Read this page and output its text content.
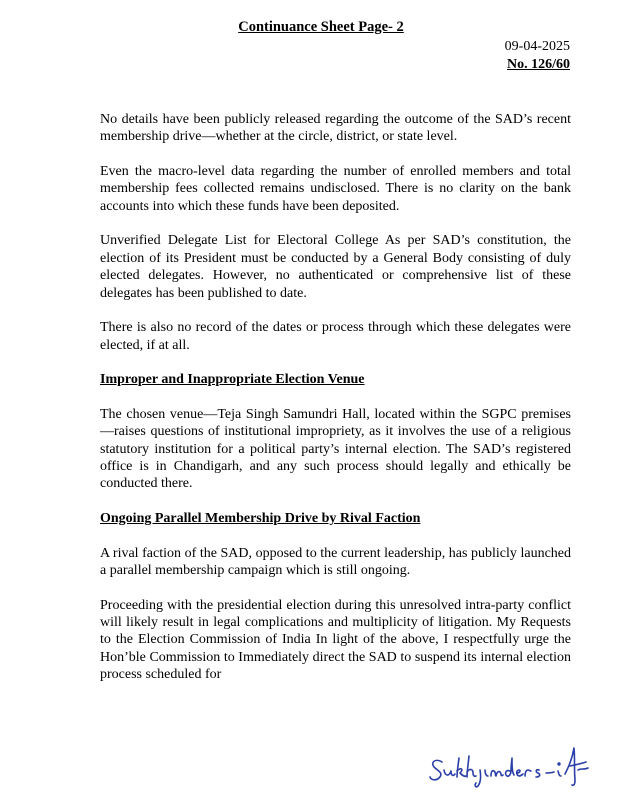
Continuance Sheet Page- 2
09-04-2025
No. 126/60

No details have been publicly released regarding the outcome of the SAD’s recent membership drive—whether at the circle, district, or state level.

Even the macro-level data regarding the number of enrolled members and total membership fees collected remains undisclosed. There is no clarity on the bank accounts into which these funds have been deposited.

Unverified Delegate List for Electoral College As per SAD’s constitution, the election of its President must be conducted by a General Body consisting of duly elected delegates. However, no authenticated or comprehensive list of these delegates has been published to date.

There is also no record of the dates or process through which these delegates were elected, if at all.

Improper and Inappropriate Election Venue

The chosen venue—Teja Singh Samundri Hall, located within the SGPC premises—raises questions of institutional impropriety, as it involves the use of a religious statutory institution for a political party’s internal election. The SAD’s registered office is in Chandigarh, and any such process should legally and ethically be conducted there.

Ongoing Parallel Membership Drive by Rival Faction

A rival faction of the SAD, opposed to the current leadership, has publicly launched a parallel membership campaign which is still ongoing.

Proceeding with the presidential election during this unresolved intra-party conflict will likely result in legal complications and multiplicity of litigation. My Requests to the Election Commission of India In light of the above, I respectfully urge the Hon’ble Commission to Immediately direct the SAD to suspend its internal election process scheduled for
